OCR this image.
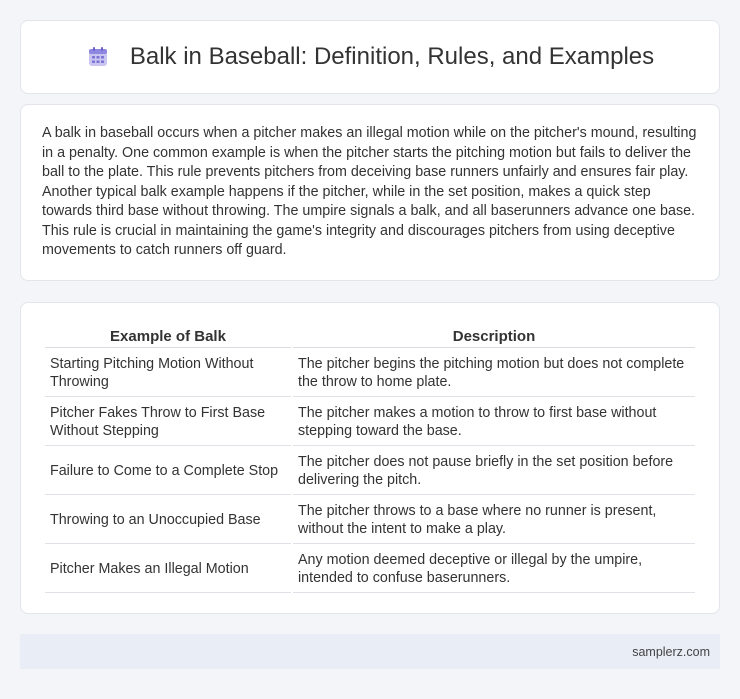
Balk in Baseball: Definition, Rules, and Examples

A balk in baseball occurs when a pitcher makes an illegal motion while on the pitcher's mound, resulting in a penalty. One common example is when the pitcher starts the pitching motion but fails to deliver the ball to the plate. This rule prevents pitchers from deceiving base runners unfairly and ensures fair play. Another typical balk example happens if the pitcher, while in the set position, makes a quick step towards third base without throwing. The umpire signals a balk, and all baserunners advance one base. This rule is crucial in maintaining the game's integrity and discourages pitchers from using deceptive movements to catch runners off guard.

Example of Balk	Description
Starting Pitching Motion Without Throwing	The pitcher begins the pitching motion but does not complete the throw to home plate.
Pitcher Fakes Throw to First Base Without Stepping	The pitcher makes a motion to throw to first base without stepping toward the base.
Failure to Come to a Complete Stop	The pitcher does not pause briefly in the set position before delivering the pitch.
Throwing to an Unoccupied Base	The pitcher throws to a base where no runner is present, without the intent to make a play.
Pitcher Makes an Illegal Motion	Any motion deemed deceptive or illegal by the umpire, intended to confuse baserunners.
samplerz.com
